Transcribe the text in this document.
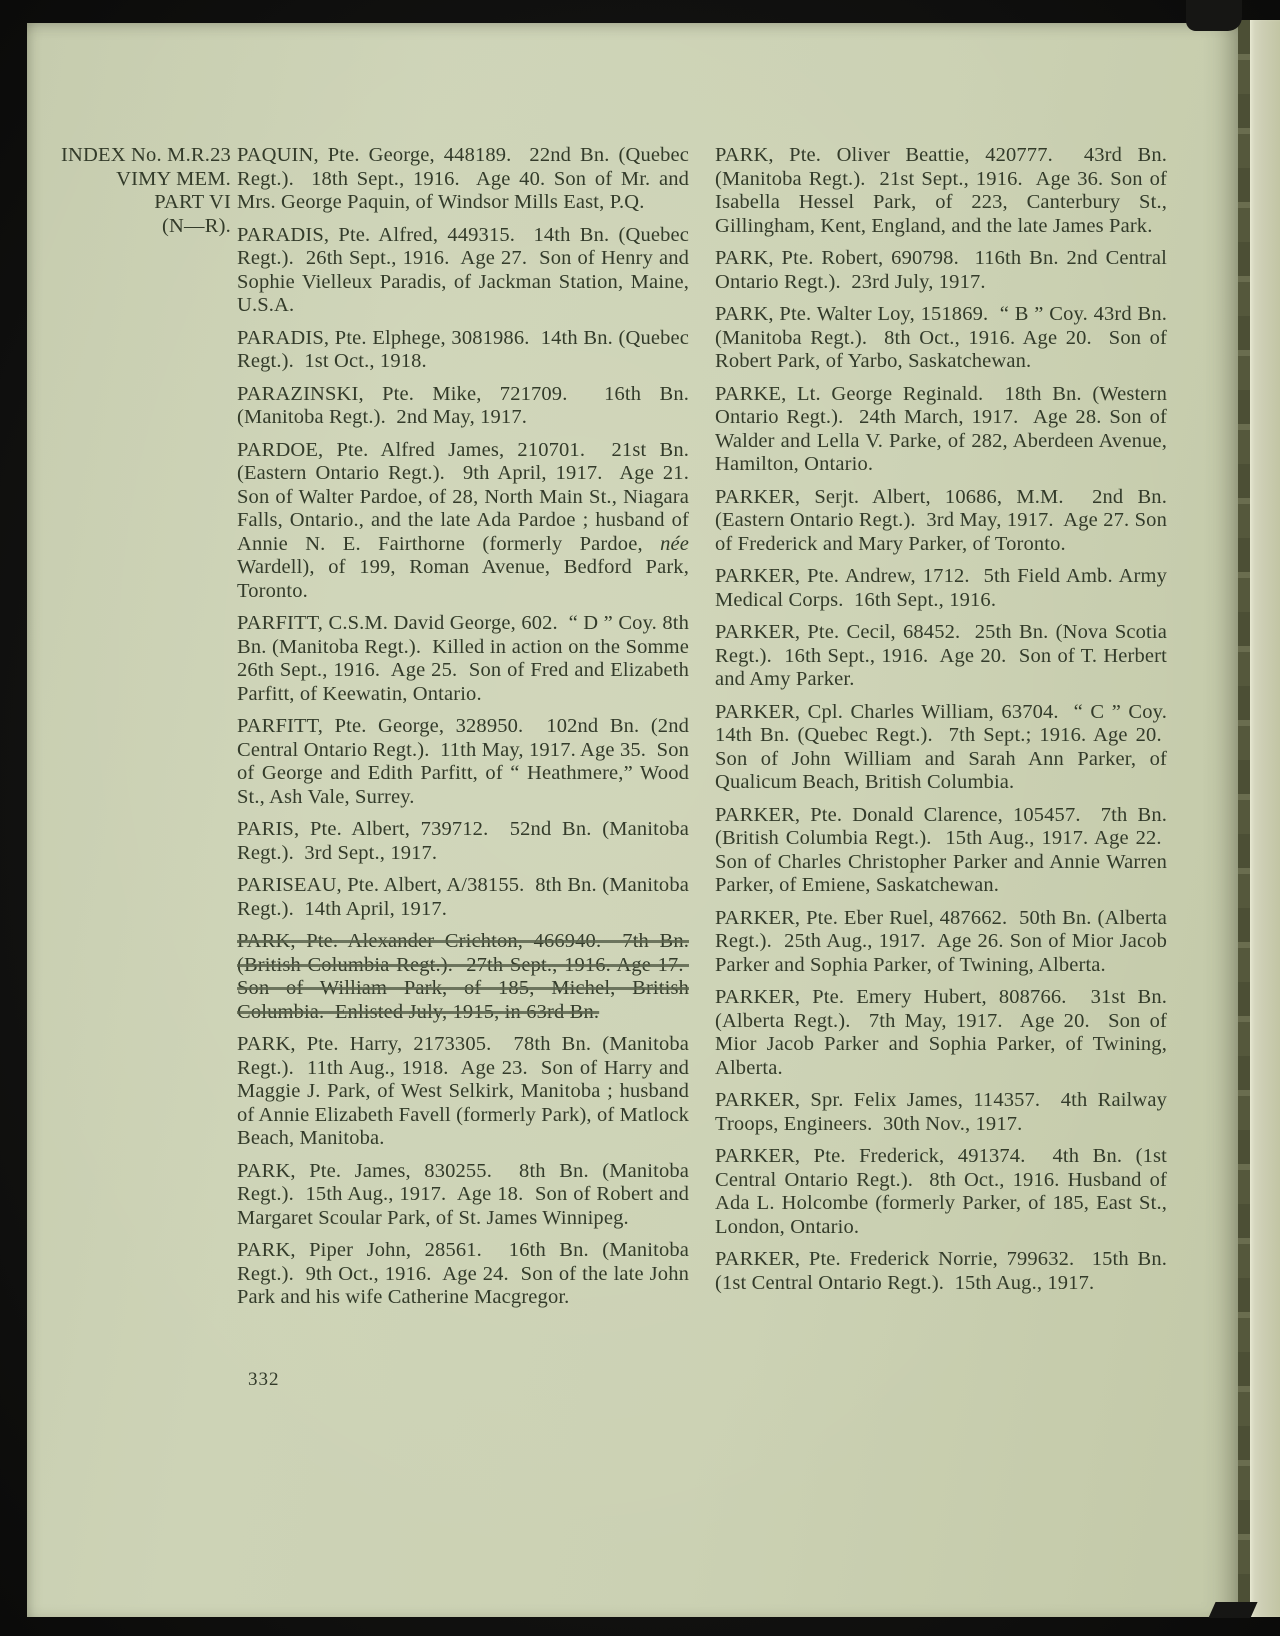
INDEX No. M.R.23
VIMY MEM.
PART VI
(N—R).

PAQUIN, Pte. George, 448189.  22nd Bn. (Quebec Regt.).  18th Sept., 1916.  Age 40. Son of Mr. and Mrs. George Paquin, of Windsor Mills East, P.Q.

PARADIS, Pte. Alfred, 449315.  14th Bn. (Quebec Regt.).  26th Sept., 1916.  Age 27.  Son of Henry and Sophie Vielleux Paradis, of Jackman Station, Maine, U.S.A.

PARADIS, Pte. Elphege, 3081986.  14th Bn. (Quebec Regt.).  1st Oct., 1918.

PARAZINSKI, Pte. Mike, 721709.  16th Bn. (Manitoba Regt.).  2nd May, 1917.

PARDOE, Pte. Alfred James, 210701.  21st Bn. (Eastern Ontario Regt.).  9th April, 1917.  Age 21. Son of Walter Pardoe, of 28, North Main St., Niagara Falls, Ontario., and the late Ada Pardoe ; husband of Annie N. E. Fairthorne (formerly Pardoe, née Wardell), of 199, Roman Avenue, Bedford Park, Toronto.

PARFITT, C.S.M. David George, 602.  “ D ” Coy. 8th Bn. (Manitoba Regt.).  Killed in action on the Somme 26th Sept., 1916.  Age 25.  Son of Fred and Elizabeth Parfitt, of Keewatin, Ontario.

PARFITT, Pte. George, 328950.  102nd Bn. (2nd Central Ontario Regt.).  11th May, 1917. Age 35.  Son of George and Edith Parfitt, of “ Heathmere,” Wood St., Ash Vale, Surrey.

PARIS, Pte. Albert, 739712.  52nd Bn. (Manitoba Regt.).  3rd Sept., 1917.

PARISEAU, Pte. Albert, A/38155.  8th Bn. (Manitoba Regt.).  14th April, 1917.

PARK, Pte. Alexander Crichton, 466940.  7th Bn. (British Columbia Regt.).  27th Sept., 1916. Age 17.  Son of William Park, of 185, Michel, British Columbia.  Enlisted July, 1915, in 63rd Bn.

PARK, Pte. Harry, 2173305.  78th Bn. (Manitoba Regt.).  11th Aug., 1918.  Age 23.  Son of Harry and Maggie J. Park, of West Selkirk, Manitoba ; husband of Annie Elizabeth Favell (formerly Park), of Matlock Beach, Manitoba.

PARK, Pte. James, 830255.  8th Bn. (Manitoba Regt.).  15th Aug., 1917.  Age 18.  Son of Robert and Margaret Scoular Park, of St. James Winnipeg.

PARK, Piper John, 28561.  16th Bn. (Manitoba Regt.).  9th Oct., 1916.  Age 24.  Son of the late John Park and his wife Catherine Macgregor.

PARK, Pte. Oliver Beattie, 420777.  43rd Bn. (Manitoba Regt.).  21st Sept., 1916.  Age 36. Son of Isabella Hessel Park, of 223, Canterbury St., Gillingham, Kent, England, and the late James Park.

PARK, Pte. Robert, 690798.  116th Bn. 2nd Central Ontario Regt.).  23rd July, 1917.

PARK, Pte. Walter Loy, 151869.  “ B ” Coy. 43rd Bn. (Manitoba Regt.).  8th Oct., 1916. Age 20.  Son of Robert Park, of Yarbo, Saskatchewan.

PARKE, Lt. George Reginald.  18th Bn. (Western Ontario Regt.).  24th March, 1917.  Age 28. Son of Walder and Lella V. Parke, of 282, Aberdeen Avenue, Hamilton, Ontario.

PARKER, Serjt. Albert, 10686, M.M.  2nd Bn. (Eastern Ontario Regt.).  3rd May, 1917.  Age 27. Son of Frederick and Mary Parker, of Toronto.

PARKER, Pte. Andrew, 1712.  5th Field Amb. Army Medical Corps.  16th Sept., 1916.

PARKER, Pte. Cecil, 68452.  25th Bn. (Nova Scotia Regt.).  16th Sept., 1916.  Age 20.  Son of T. Herbert and Amy Parker.

PARKER, Cpl. Charles William, 63704.  “ C ” Coy. 14th Bn. (Quebec Regt.).  7th Sept.; 1916. Age 20.  Son of John William and Sarah Ann Parker, of Qualicum Beach, British Columbia.

PARKER, Pte. Donald Clarence, 105457.  7th Bn. (British Columbia Regt.).  15th Aug., 1917. Age 22.  Son of Charles Christopher Parker and Annie Warren Parker, of Emiene, Saskatchewan.

PARKER, Pte. Eber Ruel, 487662.  50th Bn. (Alberta Regt.).  25th Aug., 1917.  Age 26. Son of Mior Jacob Parker and Sophia Parker, of Twining, Alberta.

PARKER, Pte. Emery Hubert, 808766.  31st Bn. (Alberta Regt.).  7th May, 1917.  Age 20.  Son of Mior Jacob Parker and Sophia Parker, of Twining, Alberta.

PARKER, Spr. Felix James, 114357.  4th Railway Troops, Engineers.  30th Nov., 1917.

PARKER, Pte. Frederick, 491374.  4th Bn. (1st Central Ontario Regt.).  8th Oct., 1916. Husband of Ada L. Holcombe (formerly Parker, of 185, East St., London, Ontario.

PARKER, Pte. Frederick Norrie, 799632.  15th Bn. (1st Central Ontario Regt.).  15th Aug., 1917.

332
